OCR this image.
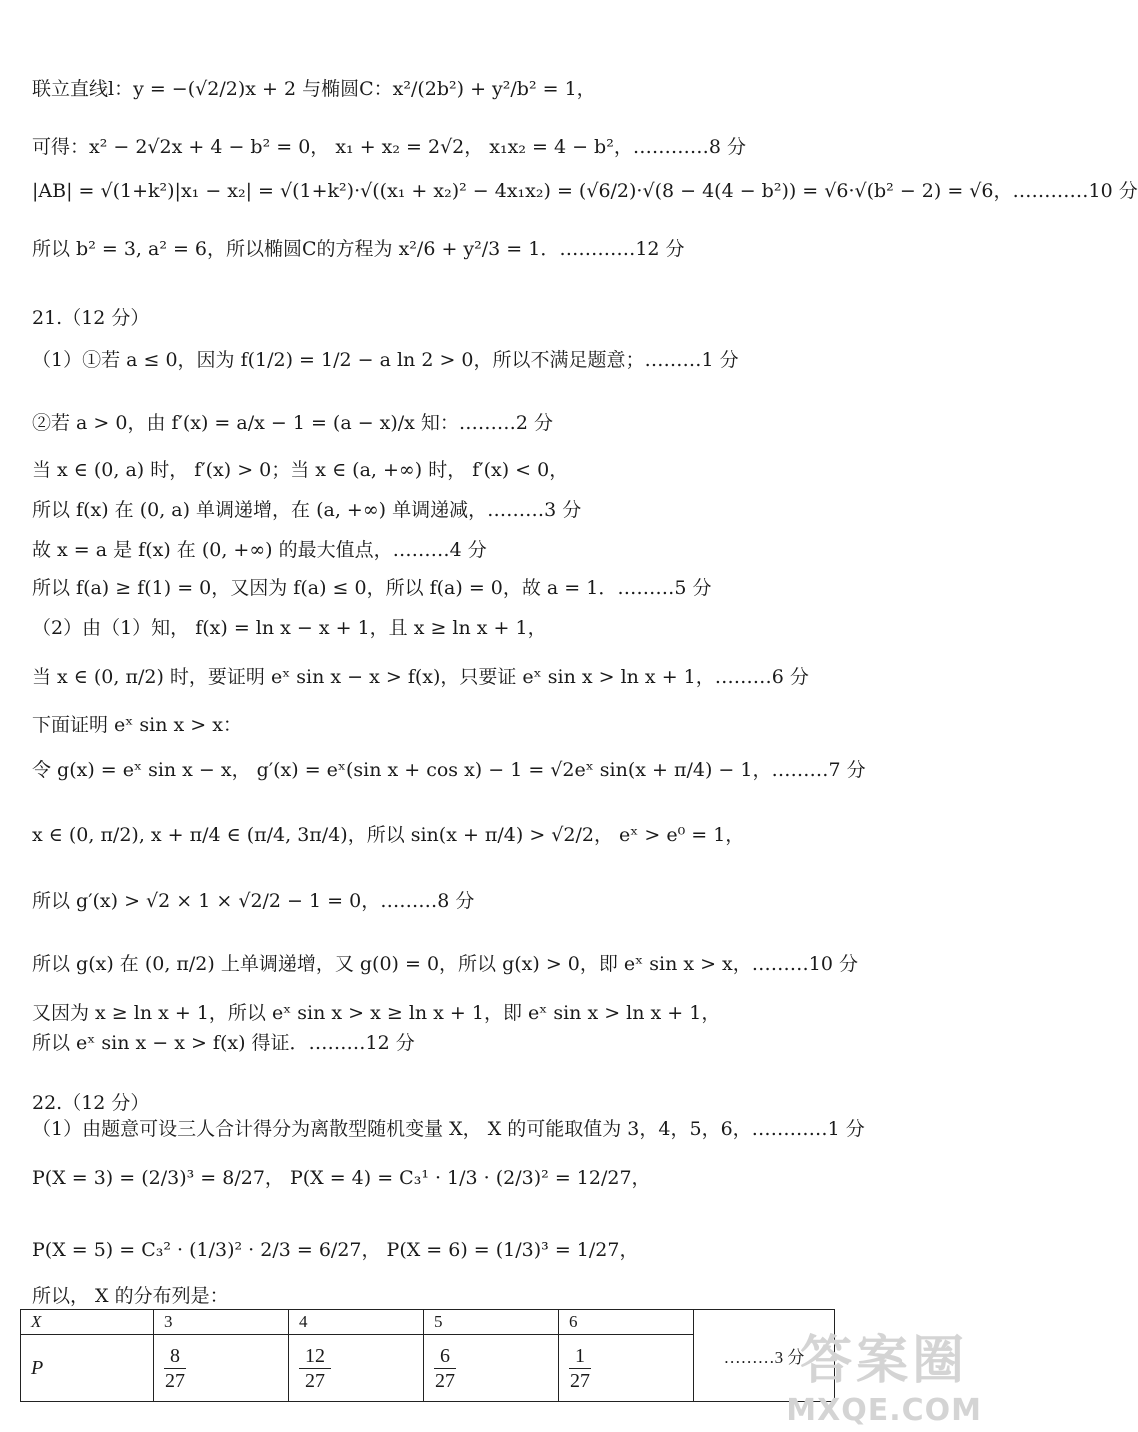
联立直线l：y = −(√2/2)x + 2 与椭圆C：x²/(2b²) + y²/b² = 1，
可得：x² − 2√2x + 4 − b² = 0， x₁ + x₂ = 2√2， x₁x₂ = 4 − b²，…………8 分
|AB| = √(1+k²)|x₁ − x₂| = √(1+k²)·√((x₁ + x₂)² − 4x₁x₂) = (√6/2)·√(8 − 4(4 − b²)) = √6·√(b² − 2) = √6，…………10 分
所以 b² = 3, a² = 6，所以椭圆C的方程为 x²/6 + y²/3 = 1．…………12 分
21.（12 分）
（1）①若 a ≤ 0，因为 f(1/2) = 1/2 − a ln 2 > 0，所以不满足题意；………1 分
②若 a > 0，由 f′(x) = a/x − 1 = (a − x)/x 知：………2 分
当 x ∈ (0, a) 时， f′(x) > 0；当 x ∈ (a, +∞) 时， f′(x) < 0，
所以 f(x) 在 (0, a) 单调递增，在 (a, +∞) 单调递减，………3 分
故 x = a 是 f(x) 在 (0, +∞) 的最大值点，………4 分
所以 f(a) ≥ f(1) = 0，又因为 f(a) ≤ 0，所以 f(a) = 0，故 a = 1．………5 分
（2）由（1）知， f(x) = ln x − x + 1，且 x ≥ ln x + 1，
当 x ∈ (0, π/2) 时，要证明 eˣ sin x − x > f(x)，只要证 eˣ sin x > ln x + 1，………6 分
下面证明 eˣ sin x > x：
令 g(x) = eˣ sin x − x， g′(x) = eˣ(sin x + cos x) − 1 = √2eˣ sin(x + π/4) − 1，………7 分
x ∈ (0, π/2), x + π/4 ∈ (π/4, 3π/4)，所以 sin(x + π/4) > √2/2， eˣ > e⁰ = 1，
所以 g′(x) > √2 × 1 × √2/2 − 1 = 0，………8 分
所以 g(x) 在 (0, π/2) 上单调递增，又 g(0) = 0，所以 g(x) > 0，即 eˣ sin x > x，………10 分
又因为 x ≥ ln x + 1，所以 eˣ sin x > x ≥ ln x + 1，即 eˣ sin x > ln x + 1，
所以 eˣ sin x − x > f(x) 得证．………12 分
22.（12 分）
（1）由题意可设三人合计得分为离散型随机变量 X， X 的可能取值为 3，4，5，6，…………1 分
P(X = 3) = (2/3)³ = 8/27， P(X = 4) = C₃¹ · 1/3 · (2/3)² = 12/27，
P(X = 5) = C₃² · (1/3)² · 2/3 = 6/27， P(X = 6) = (1/3)³ = 1/27，
所以， X 的分布列是：
X	3	4	5	6	………3 分
P	$\frac{8}{27}$	$\frac{12}{27}$	$\frac{6}{27}$	$\frac{1}{27}$	答案圈
MXQE.COM
